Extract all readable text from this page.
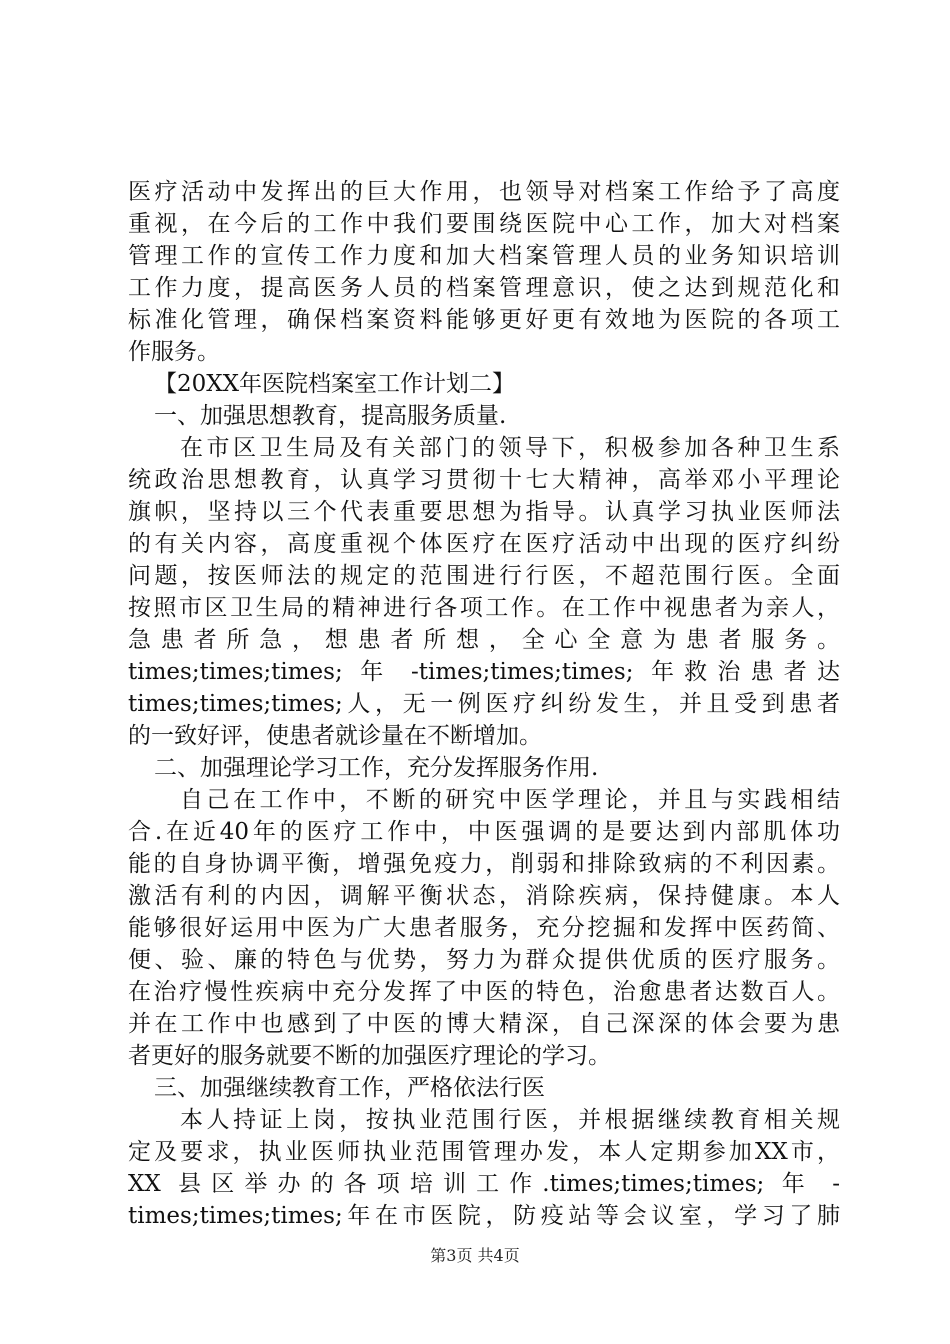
医疗活动中发挥出的巨大作用，也领导对档案工作给予了高度
重视，在今后的工作中我们要围绕医院中心工作，加大对档案
管理工作的宣传工作力度和加大档案管理人员的业务知识培训
工作力度，提高医务人员的档案管理意识，使之达到规范化和
标准化管理，确保档案资料能够更好更有效地为医院的各项工
作服务。
【20XX年医院档案室工作计划二】
一、加强思想教育，提高服务质量.
在市区卫生局及有关部门的领导下，积极参加各种卫生系
统政治思想教育，认真学习贯彻十七大精神，高举邓小平理论
旗帜，坚持以三个代表重要思想为指导。认真学习执业医师法
的有关内容，高度重视个体医疗在医疗活动中出现的医疗纠纷
问题，按医师法的规定的范围进行行医，不超范围行医。全面
按照市区卫生局的精神进行各项工作。在工作中视患者为亲人，
急患者所急，想患者所想，全心全意为患者服务。
times;times;times; 年 -times;times;times; 年救治患者达
times;times;times;人，无一例医疗纠纷发生，并且受到患者
的一致好评，使患者就诊量在不断增加。
二、加强理论学习工作，充分发挥服务作用.
自己在工作中，不断的研究中医学理论，并且与实践相结
合.在近40年的医疗工作中，中医强调的是要达到内部肌体功
能的自身协调平衡，增强免疫力，削弱和排除致病的不利因素。
激活有利的内因，调解平衡状态，消除疾病，保持健康。本人
能够很好运用中医为广大患者服务，充分挖掘和发挥中医药简、
便、验、廉的特色与优势，努力为群众提供优质的医疗服务。
在治疗慢性疾病中充分发挥了中医的特色，治愈患者达数百人。
并在工作中也感到了中医的博大精深，自己深深的体会要为患
者更好的服务就要不断的加强医疗理论的学习。
三、加强继续教育工作，严格依法行医
本人持证上岗，按执业范围行医，并根据继续教育相关规
定及要求，执业医师执业范围管理办发，本人定期参加XX市，
XX 县区举办的各项培训工作.times;times;times; 年 -
times;times;times;年在市医院，防疫站等会议室，学习了肺
第3页 共4页
